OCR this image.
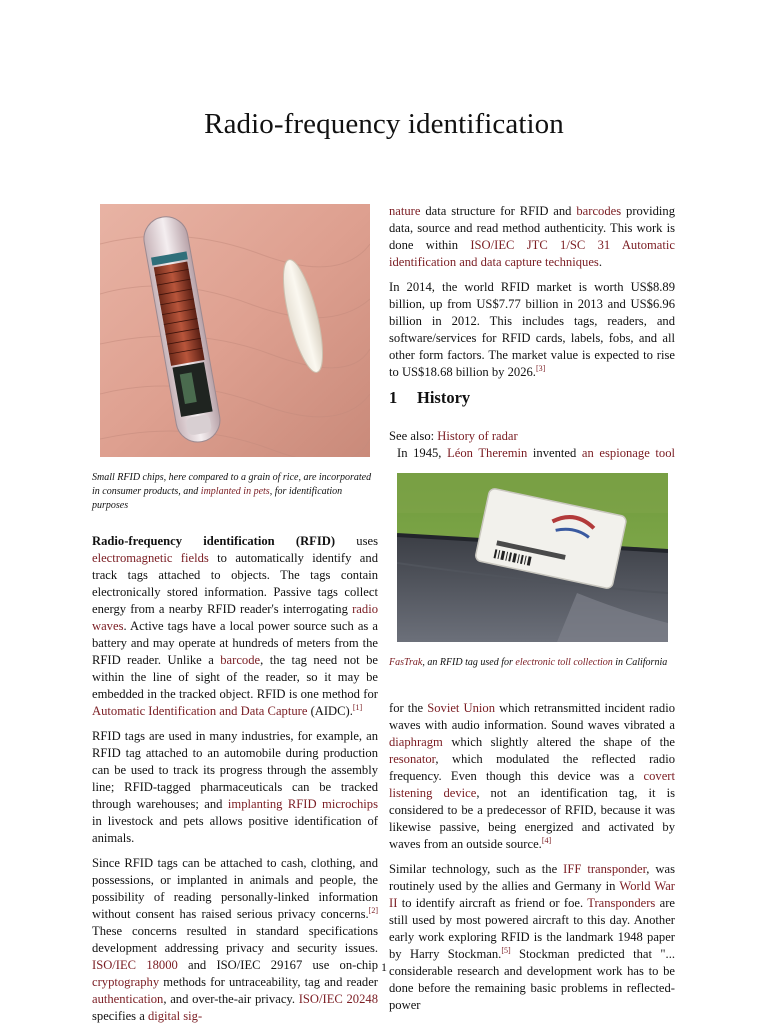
Radio-frequency identification
Small RFID chips, here compared to a grain of rice, are incorporated in consumer products, and implanted in pets, for identification purposes

Radio-frequency identification (RFID) uses electromagnetic fields to automatically identify and track tags attached to objects. The tags contain electronically stored information. Passive tags collect energy from a nearby RFID reader's interrogating radio waves. Active tags have a local power source such as a battery and may operate at hundreds of meters from the RFID reader. Unlike a barcode, the tag need not be within the line of sight of the reader, so it may be embedded in the tracked object. RFID is one method for Automatic Identification and Data Capture (AIDC).[1]

RFID tags are used in many industries, for example, an RFID tag attached to an automobile during production can be used to track its progress through the assembly line; RFID-tagged pharmaceuticals can be tracked through warehouses; and implanting RFID microchips in livestock and pets allows positive identification of animals.

Since RFID tags can be attached to cash, clothing, and possessions, or implanted in animals and people, the possibility of reading personally-linked information without consent has raised serious privacy concerns.[2] These concerns resulted in standard specifications development addressing privacy and security issues. ISO/IEC 18000 and ISO/IEC 29167 use on-chip cryptography methods for untraceability, tag and reader authentication, and over-the-air privacy. ISO/IEC 20248 specifies a digital sig-

nature data structure for RFID and barcodes providing data, source and read method authenticity. This work is done within ISO/IEC JTC 1/SC 31 Automatic identification and data capture techniques.

In 2014, the world RFID market is worth US$8.89 billion, up from US$7.77 billion in 2013 and US$6.96 billion in 2012. This includes tags, readers, and software/services for RFID cards, labels, fobs, and all other form factors. The market value is expected to rise to US$18.68 billion by 2026.[3]

1 History
See also: History of radar
In 1945, Léon Theremin invented an espionage tool
FasTrak, an RFID tag used for electronic toll collection in California

for the Soviet Union which retransmitted incident radio waves with audio information. Sound waves vibrated a diaphragm which slightly altered the shape of the resonator, which modulated the reflected radio frequency. Even though this device was a covert listening device, not an identification tag, it is considered to be a predecessor of RFID, because it was likewise passive, being energized and activated by waves from an outside source.[4]

Similar technology, such as the IFF transponder, was routinely used by the allies and Germany in World War II to identify aircraft as friend or foe. Transponders are still used by most powered aircraft to this day. Another early work exploring RFID is the landmark 1948 paper by Harry Stockman.[5] Stockman predicted that "... considerable research and development work has to be done before the remaining basic problems in reflected-power

1
